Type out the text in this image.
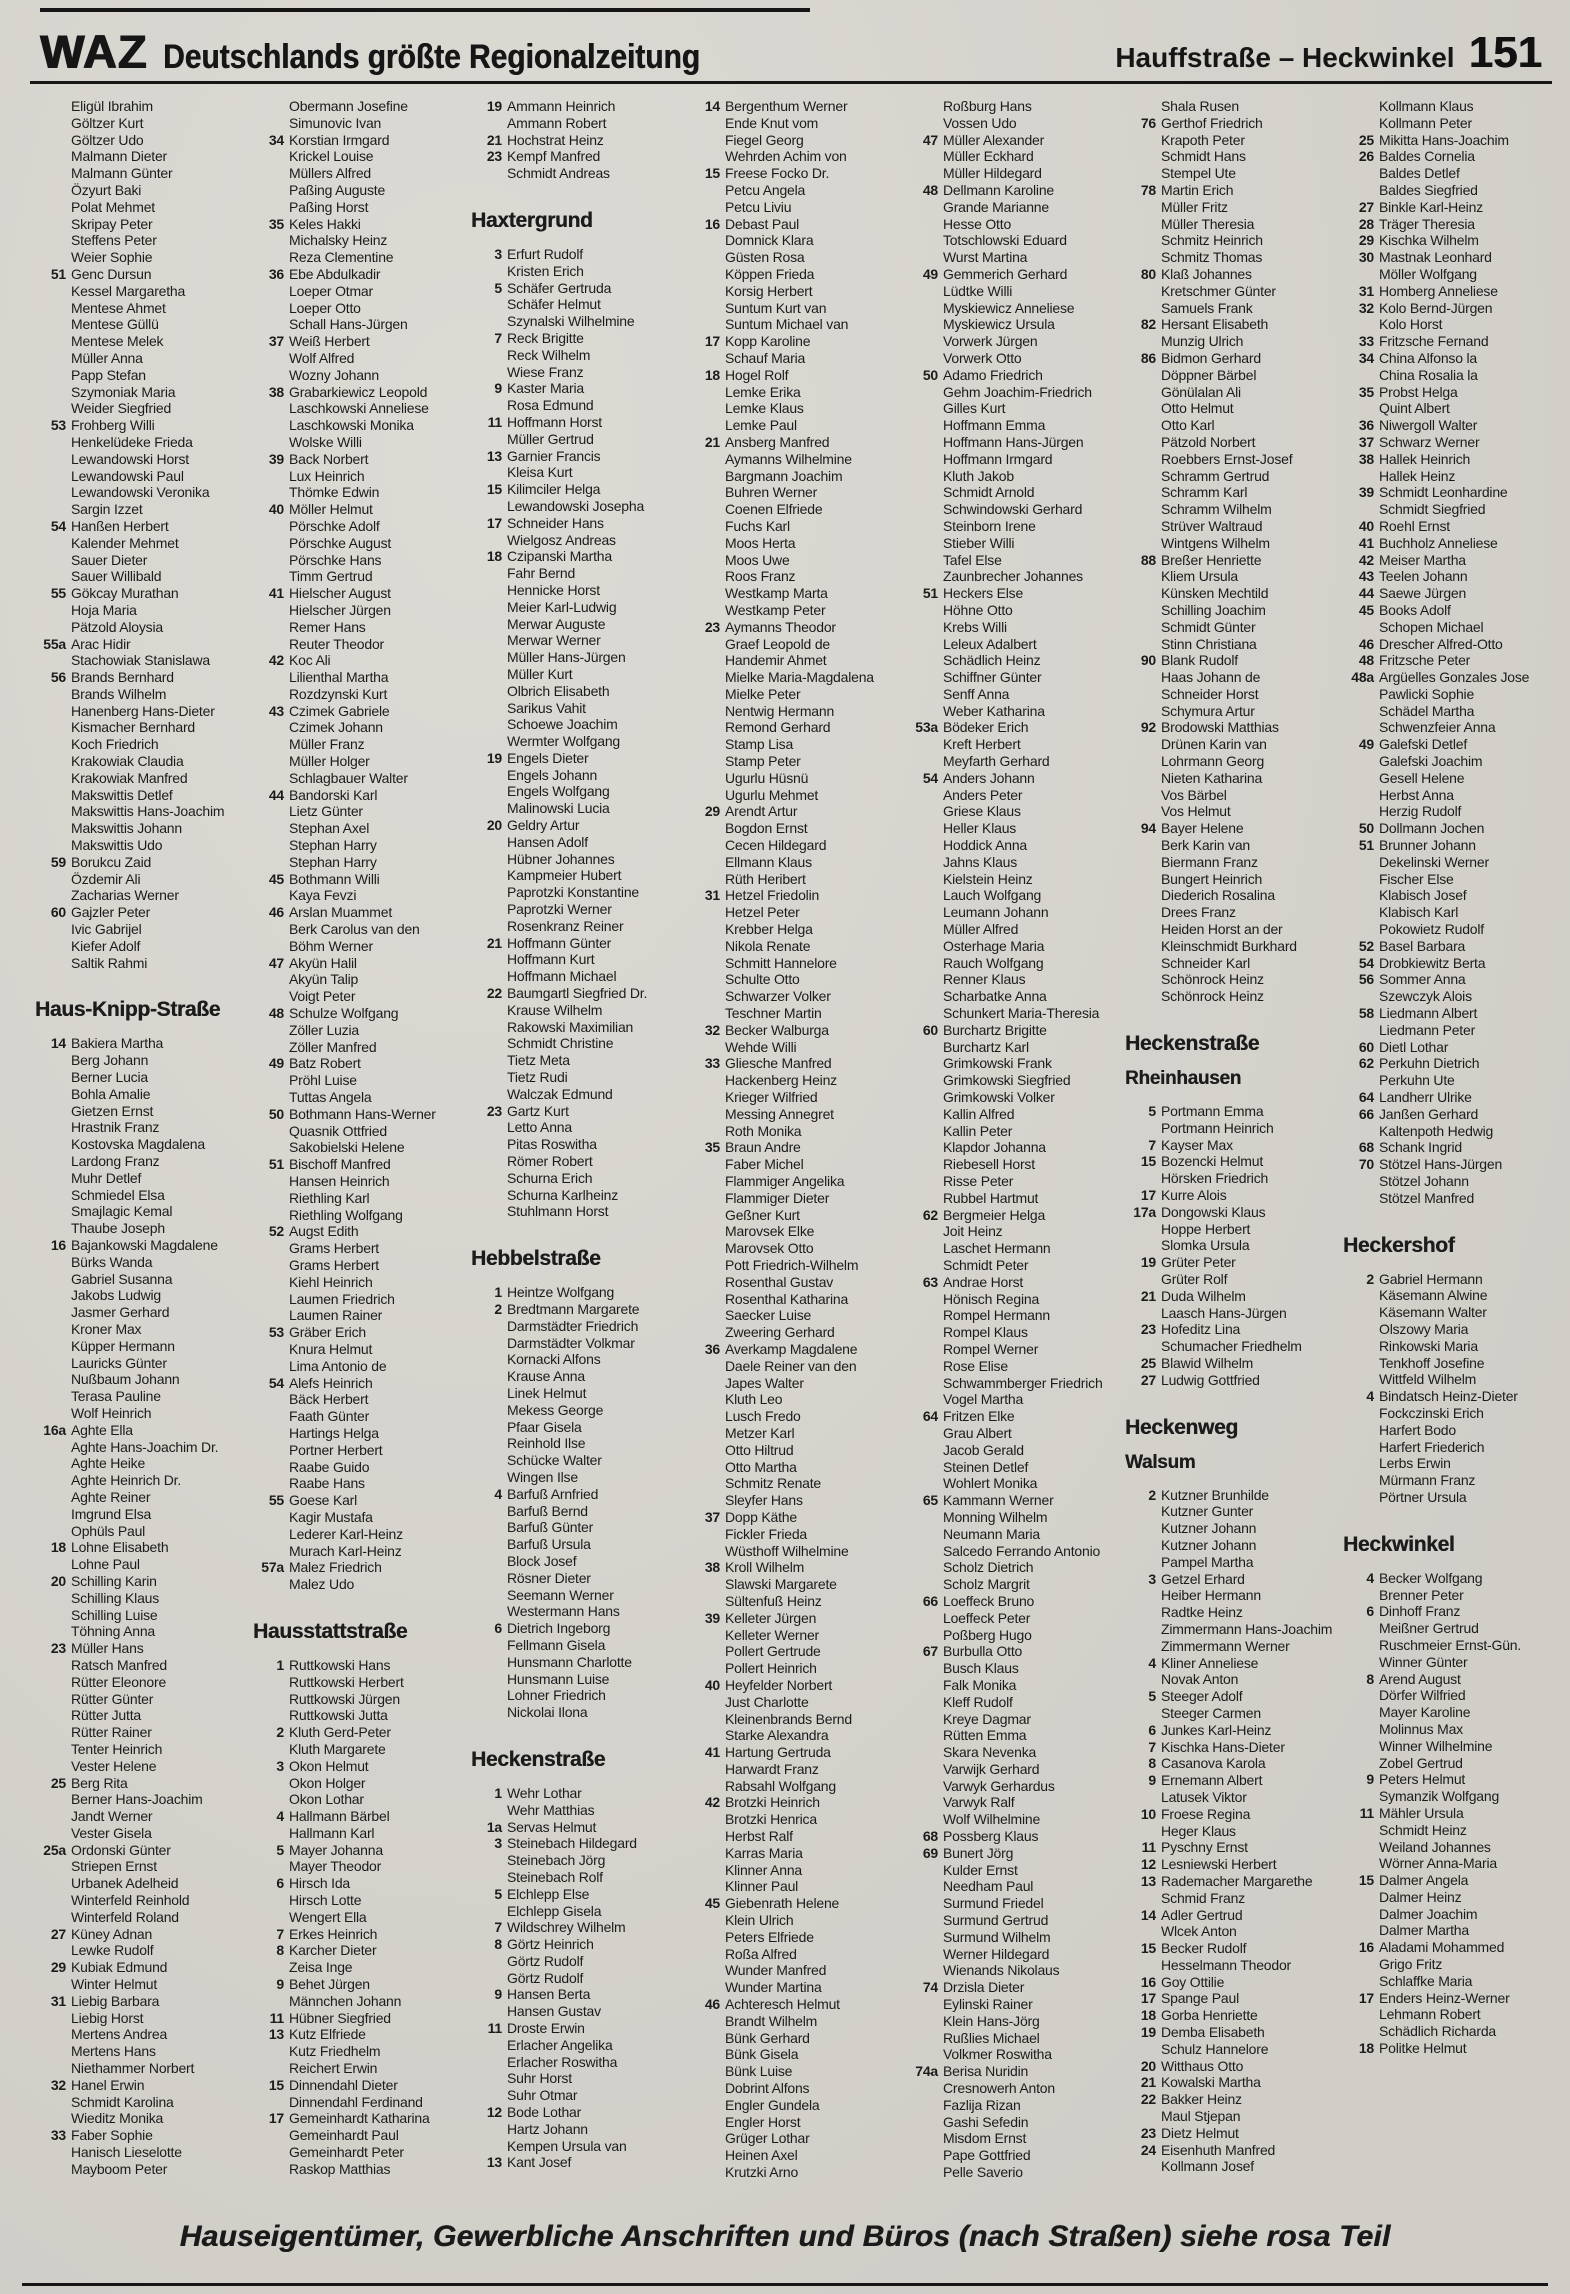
WAZ Deutschlands größte Regionalzeitung	Hauffstraße – Heckwinkel 151
Eligül Ibrahim
Göltzer Kurt
Göltzer Udo
Malmann Dieter
Malmann Günter
Özyurt Baki
Polat Mehmet
Skripay Peter
Steffens Peter
Weier Sophie
51 Genc Dursun
Kessel Margaretha
Mentese Ahmet
Mentese Güllü
Mentese Melek
Müller Anna
Papp Stefan
Szymoniak Maria
Weider Siegfried
53 Frohberg Willi
Henkelüdeke Frieda
Lewandowski Horst
Lewandowski Paul
Lewandowski Veronika
Sargin Izzet
54 Hanßen Herbert
Kalender Mehmet
Sauer Dieter
Sauer Willibald
55 Gökcay Murathan
Hoja Maria
Pätzold Aloysia
55a Arac Hidir
Stachowiak Stanislawa
56 Brands Bernhard
Brands Wilhelm
Hanenberg Hans-Dieter
Kismacher Bernhard
Koch Friedrich
Krakowiak Claudia
Krakowiak Manfred
Makswittis Detlef
Makswittis Hans-Joachim
Makswittis Johann
Makswittis Udo
59 Borukcu Zaid
Özdemir Ali
Zacharias Werner
60 Gajzler Peter
Ivic Gabrijel
Kiefer Adolf
Saltik Rahmi
Haus-Knipp-Straße
14 Bakiera Martha
Berg Johann
Berner Lucia
Bohla Amalie
Gietzen Ernst
Hrastnik Franz
Kostovska Magdalena
Lardong Franz
Muhr Detlef
Schmiedel Elsa
Smajlagic Kemal
Thaube Joseph
16 Bajankowski Magdalene
Bürks Wanda
Gabriel Susanna
Jakobs Ludwig
Jasmer Gerhard
Kroner Max
Küpper Hermann
Lauricks Günter
Nußbaum Johann
Terasa Pauline
Wolf Heinrich
16a Aghte Ella
Aghte Hans-Joachim Dr.
Aghte Heike
Aghte Heinrich Dr.
Aghte Reiner
Imgrund Elsa
Ophüls Paul
18 Lohne Elisabeth
Lohne Paul
20 Schilling Karin
Schilling Klaus
Schilling Luise
Töhning Anna
23 Müller Hans
Ratsch Manfred
Rütter Eleonore
Rütter Günter
Rütter Jutta
Rütter Rainer
Tenter Heinrich
Vester Helene
25 Berg Rita
Berner Hans-Joachim
Jandt Werner
Vester Gisela
25a Ordonski Günter
Striepen Ernst
Urbanek Adelheid
Winterfeld Reinhold
Winterfeld Roland
27 Küney Adnan
Lewke Rudolf
29 Kubiak Edmund
Winter Helmut
31 Liebig Barbara
Liebig Horst
Mertens Andrea
Mertens Hans
Niethammer Norbert
32 Hanel Erwin
Schmidt Karolina
Wieditz Monika
33 Faber Sophie
Hanisch Lieselotte
Mayboom Peter
Obermann Josefine
Simunovic Ivan
34 Korstian Irmgard
Krickel Louise
Müllers Alfred
Paßing Auguste
Paßing Horst
35 Keles Hakki
Michalsky Heinz
Reza Clementine
36 Ebe Abdulkadir
Loeper Otmar
Loeper Otto
Schall Hans-Jürgen
37 Weiß Herbert
Wolf Alfred
Wozny Johann
38 Grabarkiewicz Leopold
Laschkowski Anneliese
Laschkowski Monika
Wolske Willi
39 Back Norbert
Lux Heinrich
Thömke Edwin
40 Möller Helmut
Pörschke Adolf
Pörschke August
Pörschke Hans
Timm Gertrud
41 Hielscher August
Hielscher Jürgen
Remer Hans
Reuter Theodor
42 Koc Ali
Lilienthal Martha
Rozdzynski Kurt
43 Czimek Gabriele
Czimek Johann
Müller Franz
Müller Holger
Schlagbauer Walter
44 Bandorski Karl
Lietz Günter
Stephan Axel
Stephan Harry
Stephan Harry
45 Bothmann Willi
Kaya Fevzi
46 Arslan Muammet
Berk Carolus van den
Böhm Werner
47 Akyün Halil
Akyün Talip
Voigt Peter
48 Schulze Wolfgang
Zöller Luzia
Zöller Manfred
49 Batz Robert
Pröhl Luise
Tuttas Angela
50 Bothmann Hans-Werner
Quasnik Ottfried
Sakobielski Helene
51 Bischoff Manfred
Hansen Heinrich
Riethling Karl
Riethling Wolfgang
52 Augst Edith
Grams Herbert
Grams Herbert
Kiehl Heinrich
Laumen Friedrich
Laumen Rainer
53 Gräber Erich
Knura Helmut
Lima Antonio de
54 Alefs Heinrich
Bäck Herbert
Faath Günter
Hartings Helga
Portner Herbert
Raabe Guido
Raabe Hans
55 Goese Karl
Kagir Mustafa
Lederer Karl-Heinz
Murach Karl-Heinz
57a Malez Friedrich
Malez Udo
Hausstattstraße
1 Ruttkowski Hans
Ruttkowski Herbert
Ruttkowski Jürgen
Ruttkowski Jutta
2 Kluth Gerd-Peter
Kluth Margarete
3 Okon Helmut
Okon Holger
Okon Lothar
4 Hallmann Bärbel
Hallmann Karl
5 Mayer Johanna
Mayer Theodor
6 Hirsch Ida
Hirsch Lotte
Wengert Ella
7 Erkes Heinrich
8 Karcher Dieter
Zeisa Inge
9 Behet Jürgen
Männchen Johann
11 Hübner Siegfried
13 Kutz Elfriede
Kutz Friedhelm
Reichert Erwin
15 Dinnendahl Dieter
Dinnendahl Ferdinand
17 Gemeinhardt Katharina
Gemeinhardt Paul
Gemeinhardt Peter
Raskop Matthias
19 Ammann Heinrich
Ammann Robert
21 Hochstrat Heinz
23 Kempf Manfred
Schmidt Andreas
Haxtergrund
3 Erfurt Rudolf
Kristen Erich
5 Schäfer Gertruda
Schäfer Helmut
Szynalski Wilhelmine
7 Reck Brigitte
Reck Wilhelm
Wiese Franz
9 Kaster Maria
Rosa Edmund
11 Hoffmann Horst
Müller Gertrud
13 Garnier Francis
Kleisa Kurt
15 Kilimciler Helga
Lewandowski Josepha
17 Schneider Hans
Wielgosz Andreas
18 Czipanski Martha
Fahr Bernd
Hennicke Horst
Meier Karl-Ludwig
Merwar Auguste
Merwar Werner
Müller Hans-Jürgen
Müller Kurt
Olbrich Elisabeth
Sarikus Vahit
Schoewe Joachim
Wermter Wolfgang
19 Engels Dieter
Engels Johann
Engels Wolfgang
Malinowski Lucia
20 Geldry Artur
Hansen Adolf
Hübner Johannes
Kampmeier Hubert
Paprotzki Konstantine
Paprotzki Werner
Rosenkranz Reiner
21 Hoffmann Günter
Hoffmann Kurt
Hoffmann Michael
22 Baumgartl Siegfried Dr.
Krause Wilhelm
Rakowski Maximilian
Schmidt Christine
Tietz Meta
Tietz Rudi
Walczak Edmund
23 Gartz Kurt
Letto Anna
Pitas Roswitha
Römer Robert
Schurna Erich
Schurna Karlheinz
Stuhlmann Horst
Hebbelstraße
1 Heintze Wolfgang
2 Bredtmann Margarete
Darmstädter Friedrich
Darmstädter Volkmar
Kornacki Alfons
Krause Anna
Linek Helmut
Mekess George
Pfaar Gisela
Reinhold Ilse
Schücke Walter
Wingen Ilse
4 Barfuß Arnfried
Barfuß Bernd
Barfuß Günter
Barfuß Ursula
Block Josef
Rösner Dieter
Seemann Werner
Westermann Hans
6 Dietrich Ingeborg
Fellmann Gisela
Hunsmann Charlotte
Hunsmann Luise
Lohner Friedrich
Nickolai Ilona
Heckenstraße
1 Wehr Lothar
Wehr Matthias
1a Servas Helmut
3 Steinebach Hildegard
Steinebach Jörg
Steinebach Rolf
5 Elchlepp Else
Elchlepp Gisela
7 Wildschrey Wilhelm
8 Görtz Heinrich
Görtz Rudolf
Görtz Rudolf
9 Hansen Berta
Hansen Gustav
11 Droste Erwin
Erlacher Angelika
Erlacher Roswitha
Suhr Horst
Suhr Otmar
12 Bode Lothar
Hartz Johann
Kempen Ursula van
13 Kant Josef
14 Bergenthum Werner
Ende Knut vom
Fiegel Georg
Wehrden Achim von
15 Freese Focko Dr.
Petcu Angela
Petcu Liviu
16 Debast Paul
Domnick Klara
Güsten Rosa
Köppen Frieda
Korsig Herbert
Suntum Kurt van
Suntum Michael van
17 Kopp Karoline
Schauf Maria
18 Hogel Rolf
Lemke Erika
Lemke Klaus
Lemke Paul
21 Ansberg Manfred
Aymanns Wilhelmine
Bargmann Joachim
Buhren Werner
Coenen Elfriede
Fuchs Karl
Moos Herta
Moos Uwe
Roos Franz
Westkamp Marta
Westkamp Peter
23 Aymanns Theodor
Graef Leopold de
Handemir Ahmet
Mielke Maria-Magdalena
Mielke Peter
Nentwig Hermann
Remond Gerhard
Stamp Lisa
Stamp Peter
Ugurlu Hüsnü
Ugurlu Mehmet
29 Arendt Artur
Bogdon Ernst
Cecen Hildegard
Ellmann Klaus
Rüth Heribert
31 Hetzel Friedolin
Hetzel Peter
Krebber Helga
Nikola Renate
Schmitt Hannelore
Schulte Otto
Schwarzer Volker
Teschner Martin
32 Becker Walburga
Wehde Willi
33 Gliesche Manfred
Hackenberg Heinz
Krieger Wilfried
Messing Annegret
Roth Monika
35 Braun Andre
Faber Michel
Flammiger Angelika
Flammiger Dieter
Geßner Kurt
Marovsek Elke
Marovsek Otto
Pott Friedrich-Wilhelm
Rosenthal Gustav
Rosenthal Katharina
Saecker Luise
Zweering Gerhard
36 Averkamp Magdalene
Daele Reiner van den
Japes Walter
Kluth Leo
Lusch Fredo
Metzer Karl
Otto Hiltrud
Otto Martha
Schmitz Renate
Sleyfer Hans
37 Dopp Käthe
Fickler Frieda
Wüsthoff Wilhelmine
38 Kroll Wilhelm
Slawski Margarete
Sültenfuß Heinz
39 Kelleter Jürgen
Kelleter Werner
Pollert Gertrude
Pollert Heinrich
40 Heyfelder Norbert
Just Charlotte
Kleinenbrands Bernd
Starke Alexandra
41 Hartung Gertruda
Harwardt Franz
Rabsahl Wolfgang
42 Brotzki Heinrich
Brotzki Henrica
Herbst Ralf
Karras Maria
Klinner Anna
Klinner Paul
45 Giebenrath Helene
Klein Ulrich
Peters Elfriede
Roßa Alfred
Wunder Manfred
Wunder Martina
46 Achteresch Helmut
Brandt Wilhelm
Bünk Gerhard
Bünk Gisela
Bünk Luise
Dobrint Alfons
Engler Gundela
Engler Horst
Grüger Lothar
Heinen Axel
Krutzki Arno
Roßburg Hans
Vossen Udo
47 Müller Alexander
Müller Eckhard
Müller Hildegard
48 Dellmann Karoline
Grande Marianne
Hesse Otto
Totschlowski Eduard
Wurst Martina
49 Gemmerich Gerhard
Lüdtke Willi
Myskiewicz Anneliese
Myskiewicz Ursula
Vorwerk Jürgen
Vorwerk Otto
50 Adamo Friedrich
Gehm Joachim-Friedrich
Gilles Kurt
Hoffmann Emma
Hoffmann Hans-Jürgen
Hoffmann Irmgard
Kluth Jakob
Schmidt Arnold
Schwindowski Gerhard
Steinborn Irene
Stieber Willi
Tafel Else
Zaunbrecher Johannes
51 Heckers Else
Höhne Otto
Krebs Willi
Leleux Adalbert
Schädlich Heinz
Schiffner Günter
Senff Anna
Weber Katharina
53a Bödeker Erich
Kreft Herbert
Meyfarth Gerhard
54 Anders Johann
Anders Peter
Griese Klaus
Heller Klaus
Hoddick Anna
Jahns Klaus
Kielstein Heinz
Lauch Wolfgang
Leumann Johann
Müller Alfred
Osterhage Maria
Rauch Wolfgang
Renner Klaus
Scharbatke Anna
Schunkert Maria-Theresia
60 Burchartz Brigitte
Burchartz Karl
Grimkowski Frank
Grimkowski Siegfried
Grimkowski Volker
Kallin Alfred
Kallin Peter
Klapdor Johanna
Riebesell Horst
Risse Peter
Rubbel Hartmut
62 Bergmeier Helga
Joit Heinz
Laschet Hermann
Schmidt Peter
63 Andrae Horst
Hönisch Regina
Rompel Hermann
Rompel Klaus
Rompel Werner
Rose Elise
Schwammberger Friedrich
Vogel Martha
64 Fritzen Elke
Grau Albert
Jacob Gerald
Steinen Detlef
Wohlert Monika
65 Kammann Werner
Monning Wilhelm
Neumann Maria
Salcedo Ferrando Antonio
Scholz Dietrich
Scholz Margrit
66 Loeffeck Bruno
Loeffeck Peter
Poßberg Hugo
67 Burbulla Otto
Busch Klaus
Falk Monika
Kleff Rudolf
Kreye Dagmar
Rütten Emma
Skara Nevenka
Varwijk Gerhard
Varwyk Gerhardus
Varwyk Ralf
Wolf Wilhelmine
68 Possberg Klaus
69 Bunert Jörg
Kulder Ernst
Needham Paul
Surmund Friedel
Surmund Gertrud
Surmund Wilhelm
Werner Hildegard
Wienands Nikolaus
74 Drzisla Dieter
Eylinski Rainer
Klein Hans-Jörg
Rußlies Michael
Volkmer Roswitha
74a Berisa Nuridin
Cresnowerh Anton
Fazlija Rizan
Gashi Sefedin
Misdom Ernst
Pape Gottfried
Pelle Saverio
Shala Rusen
76 Gerthof Friedrich
Krapoth Peter
Schmidt Hans
Stempel Ute
78 Martin Erich
Müller Fritz
Müller Theresia
Schmitz Heinrich
Schmitz Thomas
80 Klaß Johannes
Kretschmer Günter
Samuels Frank
82 Hersant Elisabeth
Munzig Ulrich
86 Bidmon Gerhard
Döppner Bärbel
Gönülalan Ali
Otto Helmut
Otto Karl
Pätzold Norbert
Roebbers Ernst-Josef
Schramm Gertrud
Schramm Karl
Schramm Wilhelm
Strüver Waltraud
Wintgens Wilhelm
88 Breßer Henriette
Kliem Ursula
Künsken Mechtild
Schilling Joachim
Schmidt Günter
Stinn Christiana
90 Blank Rudolf
Haas Johann de
Schneider Horst
Schymura Artur
92 Brodowski Matthias
Drünen Karin van
Lohrmann Georg
Nieten Katharina
Vos Bärbel
Vos Helmut
94 Bayer Helene
Berk Karin van
Biermann Franz
Bungert Heinrich
Diederich Rosalina
Drees Franz
Heiden Horst an der
Kleinschmidt Burkhard
Schneider Karl
Schönrock Heinz
Schönrock Heinz
Heckenstraße
Rheinhausen
5 Portmann Emma
Portmann Heinrich
7 Kayser Max
15 Bozencki Helmut
Hörsken Friedrich
17 Kurre Alois
17a Dongowski Klaus
Hoppe Herbert
Slomka Ursula
19 Grüter Peter
Grüter Rolf
21 Duda Wilhelm
Laasch Hans-Jürgen
23 Hofeditz Lina
Schumacher Friedhelm
25 Blawid Wilhelm
27 Ludwig Gottfried
Heckenweg
Walsum
2 Kutzner Brunhilde
Kutzner Gunter
Kutzner Johann
Kutzner Johann
Pampel Martha
3 Getzel Erhard
Heiber Hermann
Radtke Heinz
Zimmermann Hans-Joachim
Zimmermann Werner
4 Kliner Anneliese
Novak Anton
5 Steeger Adolf
Steeger Carmen
6 Junkes Karl-Heinz
7 Kischka Hans-Dieter
8 Casanova Karola
9 Ernemann Albert
Latusek Viktor
10 Froese Regina
Heger Klaus
11 Pyschny Ernst
12 Lesniewski Herbert
13 Rademacher Margarethe
Schmid Franz
14 Adler Gertrud
Wlcek Anton
15 Becker Rudolf
Hesselmann Theodor
16 Goy Ottilie
17 Spange Paul
18 Gorba Henriette
19 Demba Elisabeth
Schulz Hannelore
20 Witthaus Otto
21 Kowalski Martha
22 Bakker Heinz
Maul Stjepan
23 Dietz Helmut
24 Eisenhuth Manfred
Kollmann Josef
Kollmann Klaus
Kollmann Peter
25 Mikitta Hans-Joachim
26 Baldes Cornelia
Baldes Detlef
Baldes Siegfried
27 Binkle Karl-Heinz
28 Träger Theresia
29 Kischka Wilhelm
30 Mastnak Leonhard
Möller Wolfgang
31 Homberg Anneliese
32 Kolo Bernd-Jürgen
Kolo Horst
33 Fritzsche Fernand
34 China Alfonso la
China Rosalia la
35 Probst Helga
Quint Albert
36 Niwergoll Walter
37 Schwarz Werner
38 Hallek Heinrich
Hallek Heinz
39 Schmidt Leonhardine
Schmidt Siegfried
40 Roehl Ernst
41 Buchholz Anneliese
42 Meiser Martha
43 Teelen Johann
44 Saewe Jürgen
45 Books Adolf
Schopen Michael
46 Drescher Alfred-Otto
48 Fritzsche Peter
48a Argüelles Gonzales Jose
Pawlicki Sophie
Schädel Martha
Schwenzfeier Anna
49 Galefski Detlef
Galefski Joachim
Gesell Helene
Herbst Anna
Herzig Rudolf
50 Dollmann Jochen
51 Brunner Johann
Dekelinski Werner
Fischer Else
Klabisch Josef
Klabisch Karl
Pokowietz Rudolf
52 Basel Barbara
54 Drobkiewitz Berta
56 Sommer Anna
Szewczyk Alois
58 Liedmann Albert
Liedmann Peter
60 Dietl Lothar
62 Perkuhn Dietrich
Perkuhn Ute
64 Landherr Ulrike
66 Janßen Gerhard
Kaltenpoth Hedwig
68 Schank Ingrid
70 Stötzel Hans-Jürgen
Stötzel Johann
Stötzel Manfred
Heckershof
2 Gabriel Hermann
Käsemann Alwine
Käsemann Walter
Olszowy Maria
Rinkowski Maria
Tenkhoff Josefine
Wittfeld Wilhelm
4 Bindatsch Heinz-Dieter
Fockczinski Erich
Harfert Bodo
Harfert Friederich
Lerbs Erwin
Mürmann Franz
Pörtner Ursula
Heckwinkel
4 Becker Wolfgang
Brenner Peter
6 Dinhoff Franz
Meißner Gertrud
Ruschmeier Ernst-Gün.
Winner Günter
8 Arend August
Dörfer Wilfried
Mayer Karoline
Molinnus Max
Winner Wilhelmine
Zobel Gertrud
9 Peters Helmut
Symanzik Wolfgang
11 Mähler Ursula
Schmidt Heinz
Weiland Johannes
Wörner Anna-Maria
15 Dalmer Angela
Dalmer Heinz
Dalmer Joachim
Dalmer Martha
16 Aladami Mohammed
Grigo Fritz
Schlaffke Maria
17 Enders Heinz-Werner
Lehmann Robert
Schädlich Richarda
18 Politke Helmut
Hauseigentümer, Gewerbliche Anschriften und Büros (nach Straßen) siehe rosa Teil
